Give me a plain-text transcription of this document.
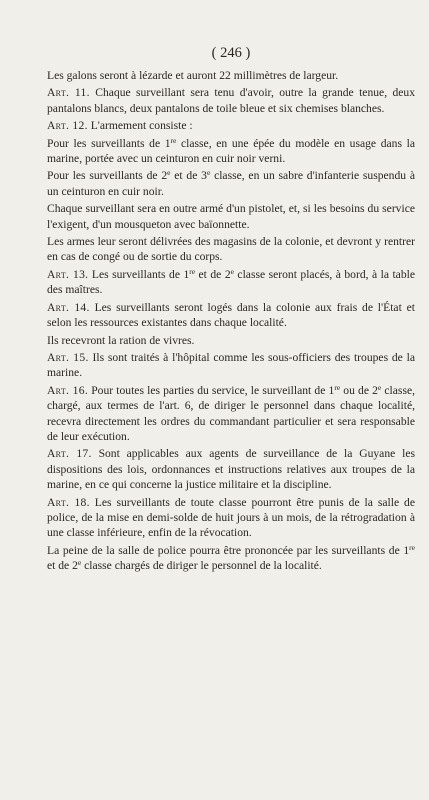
( 246 )

Les galons seront à lézarde et auront 22 millimètres de largeur.

Art. 11. Chaque surveillant sera tenu d'avoir, outre la grande tenue, deux pantalons blancs, deux pantalons de toile bleue et six chemises blanches.

Art. 12. L'armement consiste :

Pour les surveillants de 1re classe, en une épée du modèle en usage dans la marine, portée avec un ceinturon en cuir noir verni.

Pour les surveillants de 2e et de 3e classe, en un sabre d'infanterie suspendu à un ceinturon en cuir noir.

Chaque surveillant sera en outre armé d'un pistolet, et, si les besoins du service l'exigent, d'un mousqueton avec baïonnette.

Les armes leur seront délivrées des magasins de la colonie, et devront y rentrer en cas de congé ou de sortie du corps.

Art. 13. Les surveillants de 1re et de 2e classe seront placés, à bord, à la table des maîtres.

Art. 14. Les surveillants seront logés dans la colonie aux frais de l'État et selon les ressources existantes dans chaque localité.

Ils recevront la ration de vivres.

Art. 15. Ils sont traités à l'hôpital comme les sous-officiers des troupes de la marine.

Art. 16. Pour toutes les parties du service, le surveillant de 1re ou de 2e classe, chargé, aux termes de l'art. 6, de diriger le personnel dans chaque localité, recevra directement les ordres du commandant particulier et sera responsable de leur exécution.

Art. 17. Sont applicables aux agents de surveillance de la Guyane les dispositions des lois, ordonnances et instructions relatives aux troupes de la marine, en ce qui concerne la justice militaire et la discipline.

Art. 18. Les surveillants de toute classe pourront être punis de la salle de police, de la mise en demi-solde de huit jours à un mois, de la rétrogradation à une classe inférieure, enfin de la révocation.

La peine de la salle de police pourra être prononcée par les surveillants de 1re et de 2e classe chargés de diriger le personnel de la localité.
